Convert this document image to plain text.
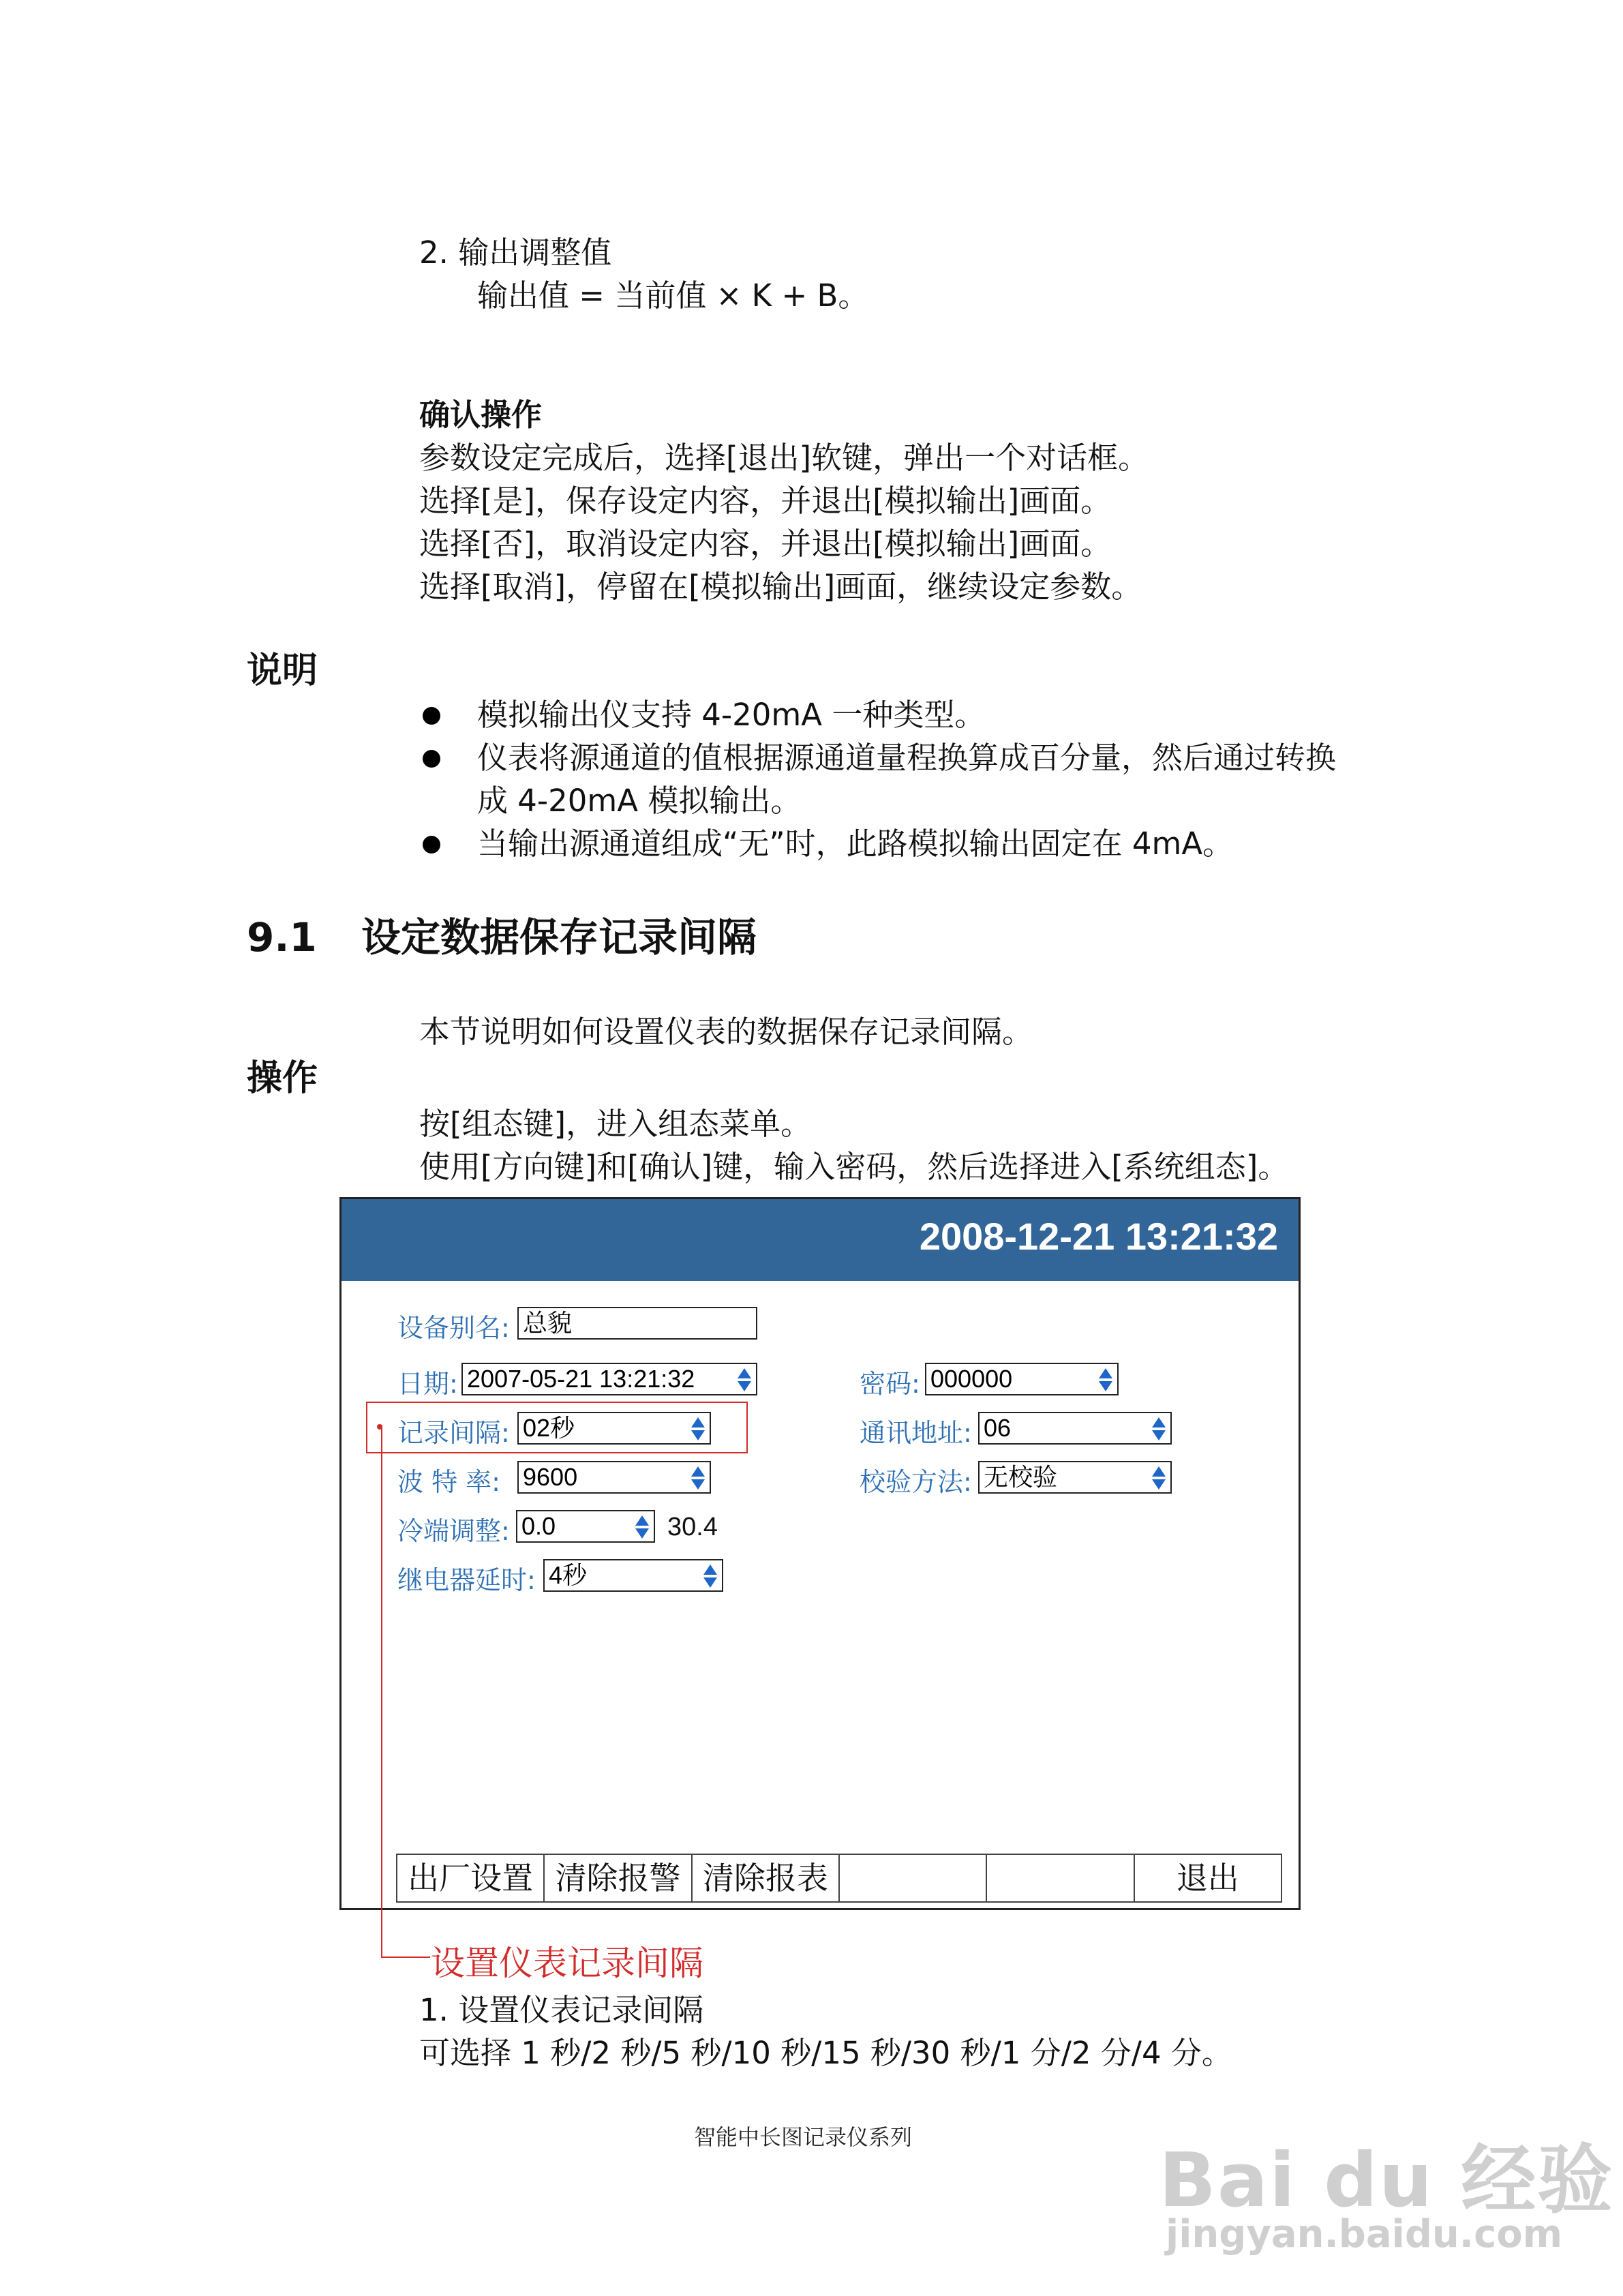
2. 输出调整值
输出值 = 当前值 × K + B。
确认操作
参数设定完成后，选择[退出]软键，弹出一个对话框。
选择[是]，保存设定内容，并退出[模拟输出]画面。
选择[否]，取消设定内容，并退出[模拟输出]画面。
选择[取消]，停留在[模拟输出]画面，继续设定参数。
说明
模拟输出仪支持 4-20mA 一种类型。
仪表将源通道的值根据源通道量程换算成百分量，然后通过转换
成 4-20mA 模拟输出。
当输出源通道组成“无”时，此路模拟输出固定在 4mA。
9.1 设定数据保存记录间隔
本节说明如何设置仪表的数据保存记录间隔。
操作
按[组态键]，进入组态菜单。
使用[方向键]和[确认]键，输入密码，然后选择进入[系统组态]。
2008-12-21 13:21:32
设备别名: 总貌
日期: 2007-05-21 13:21:32	密码: 000000
记录间隔: 02秒	通讯地址: 06
波 特 率: 9600	校验方法: 无校验
冷端调整: 0.0	30.4
继电器延时: 4秒
出厂设置 清除报警 清除报表	退出
设置仪表记录间隔
1. 设置仪表记录间隔
可选择 1 秒/2 秒/5 秒/10 秒/15 秒/30 秒/1 分/2 分/4 分。
智能中长图记录仪系列	Bai du 经验
jingyan.baidu.com
